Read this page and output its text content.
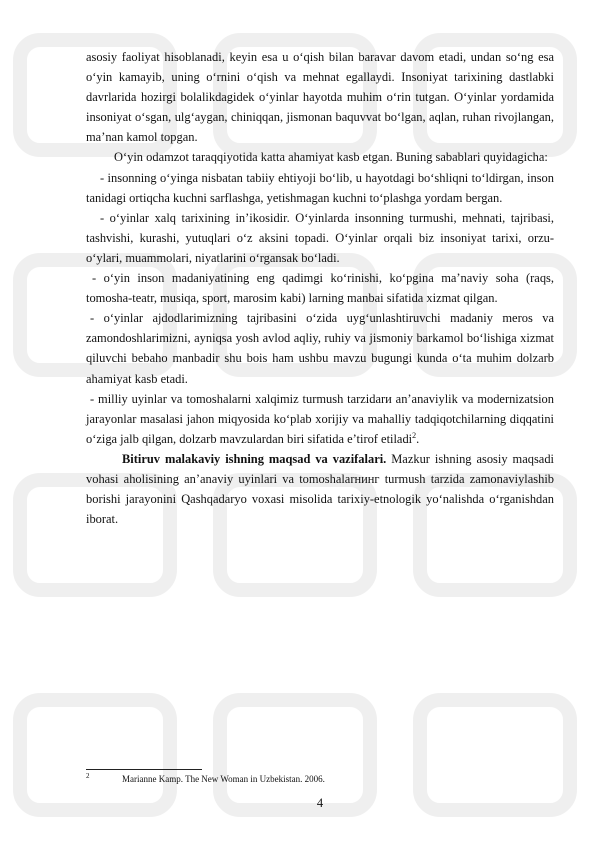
asosiy faoliyat hisoblanadi, keyin esa u o‘qish bilan baravar davom etadi, undan so‘ng esa o‘yin kamayib, uning o‘rnini o‘qish va mehnat egallaydi. Insoniyat tarixining dastlabki davrlarida hozirgi bolalikdagidek o‘yinlar hayotda muhim o‘rin tutgan. O‘yinlar yordamida insoniyat o‘sgan, ulg‘aygan, chiniqqan, jismonan baquvvat bo‘lgan, aqlan, ruhan rivojlangan, ma’nan kamol topgan.

O‘yin odamzot taraqqiyotida katta ahamiyat kasb etgan. Buning sabablari quyidagicha:

- insonning o‘yinga nisbatan tabiiy ehtiyoji bo‘lib, u hayotdagi bo‘shliqni to‘ldirgan, inson tanidagi ortiqcha kuchni sarflashga, yetishmagan kuchni to‘plashga yordam bergan.

- o‘yinlar xalq tarixining in’ikosidir. O‘yinlarda insonning turmushi, mehnati, tajribasi, tashvishi, kurashi, yutuqlari o‘z aksini topadi. O‘yinlar orqali biz insoniyat tarixi, orzu-o‘ylari, muammolari, niyatlarini o‘rgansak bo‘ladi.

- o‘yin inson madaniyatining eng qadimgi ko‘rinishi, ko‘pgina ma’naviy soha (raqs, tomosha-teatr, musiqa, sport, marosim kabi) larning manbai sifatida xizmat qilgan.

- o‘yinlar ajdodlarimizning tajribasini o‘zida uyg‘unlashtiruvchi madaniy meros va zamondoshlarimizni, ayniqsa yosh avlod aqliy, ruhiy va jismoniy barkamol bo‘lishiga xizmat qiluvchi bebaho manbadir shu bois ham ushbu mavzu bugungi kunda o‘ta muhim dolzarb ahamiyat kasb etadi.

- milliy uyinlar va tomoshalarni xalqimiz turmush tarzidarи an’anaviylik va modernizatsion jarayonlar masalasi jahon miqyosida ko‘plab xorijiy va mahalliy tadqiqotchilarning diqqatini o‘ziga jalb qilgan, dolzarb mavzulardan biri sifatida e’tirof etiladi$^2$.

Bitiruv malakaviy ishning maqsad va vazifalari. Mazkur ishning asosiy maqsadi vohasi aholisining an’anaviy uyinlari va tomoshalarнинг turmush tarzida zamonaviylashib borishi jarayonini Qashqadaryo voxasi misolida tarixiy-etnologik yo‘nalishda o‘rganishdan iborat.

2	Marianne Kamp. The New Woman in Uzbekistan. 2006.
4
